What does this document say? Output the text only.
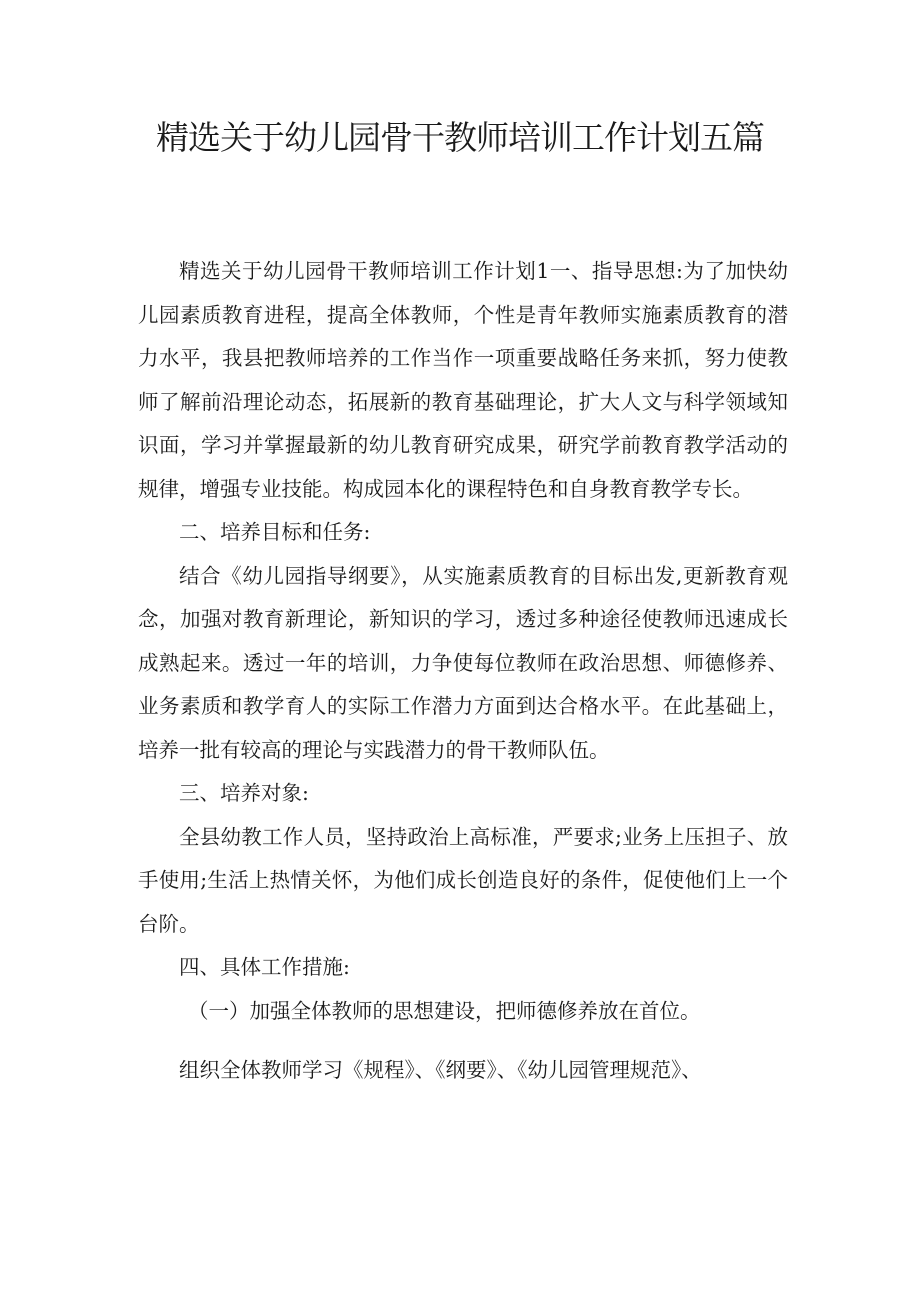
精选关于幼儿园骨干教师培训工作计划五篇

精选关于幼儿园骨干教师培训工作计划1一、指导思想:为了加快幼儿园素质教育进程，提高全体教师，个性是青年教师实施素质教育的潜力水平，我县把教师培养的工作当作一项重要战略任务来抓，努力使教师了解前沿理论动态，拓展新的教育基础理论，扩大人文与科学领域知识面，学习并掌握最新的幼儿教育研究成果，研究学前教育教学活动的规律，增强专业技能。构成园本化的课程特色和自身教育教学专长。

二、培养目标和任务:

结合《幼儿园指导纲要》，从实施素质教育的目标出发,更新教育观念，加强对教育新理论，新知识的学习，透过多种途径使教师迅速成长成熟起来。透过一年的培训，力争使每位教师在政治思想、师德修养、业务素质和教学育人的实际工作潜力方面到达合格水平。在此基础上，培养一批有较高的理论与实践潜力的骨干教师队伍。

三、培养对象:

全县幼教工作人员，坚持政治上高标准，严要求;业务上压担子、放手使用;生活上热情关怀，为他们成长创造良好的条件，促使他们上一个台阶。

四、具体工作措施:

（一）加强全体教师的思想建设，把师德修养放在首位。

组织全体教师学习《规程》、《纲要》、《幼儿园管理规范》、
